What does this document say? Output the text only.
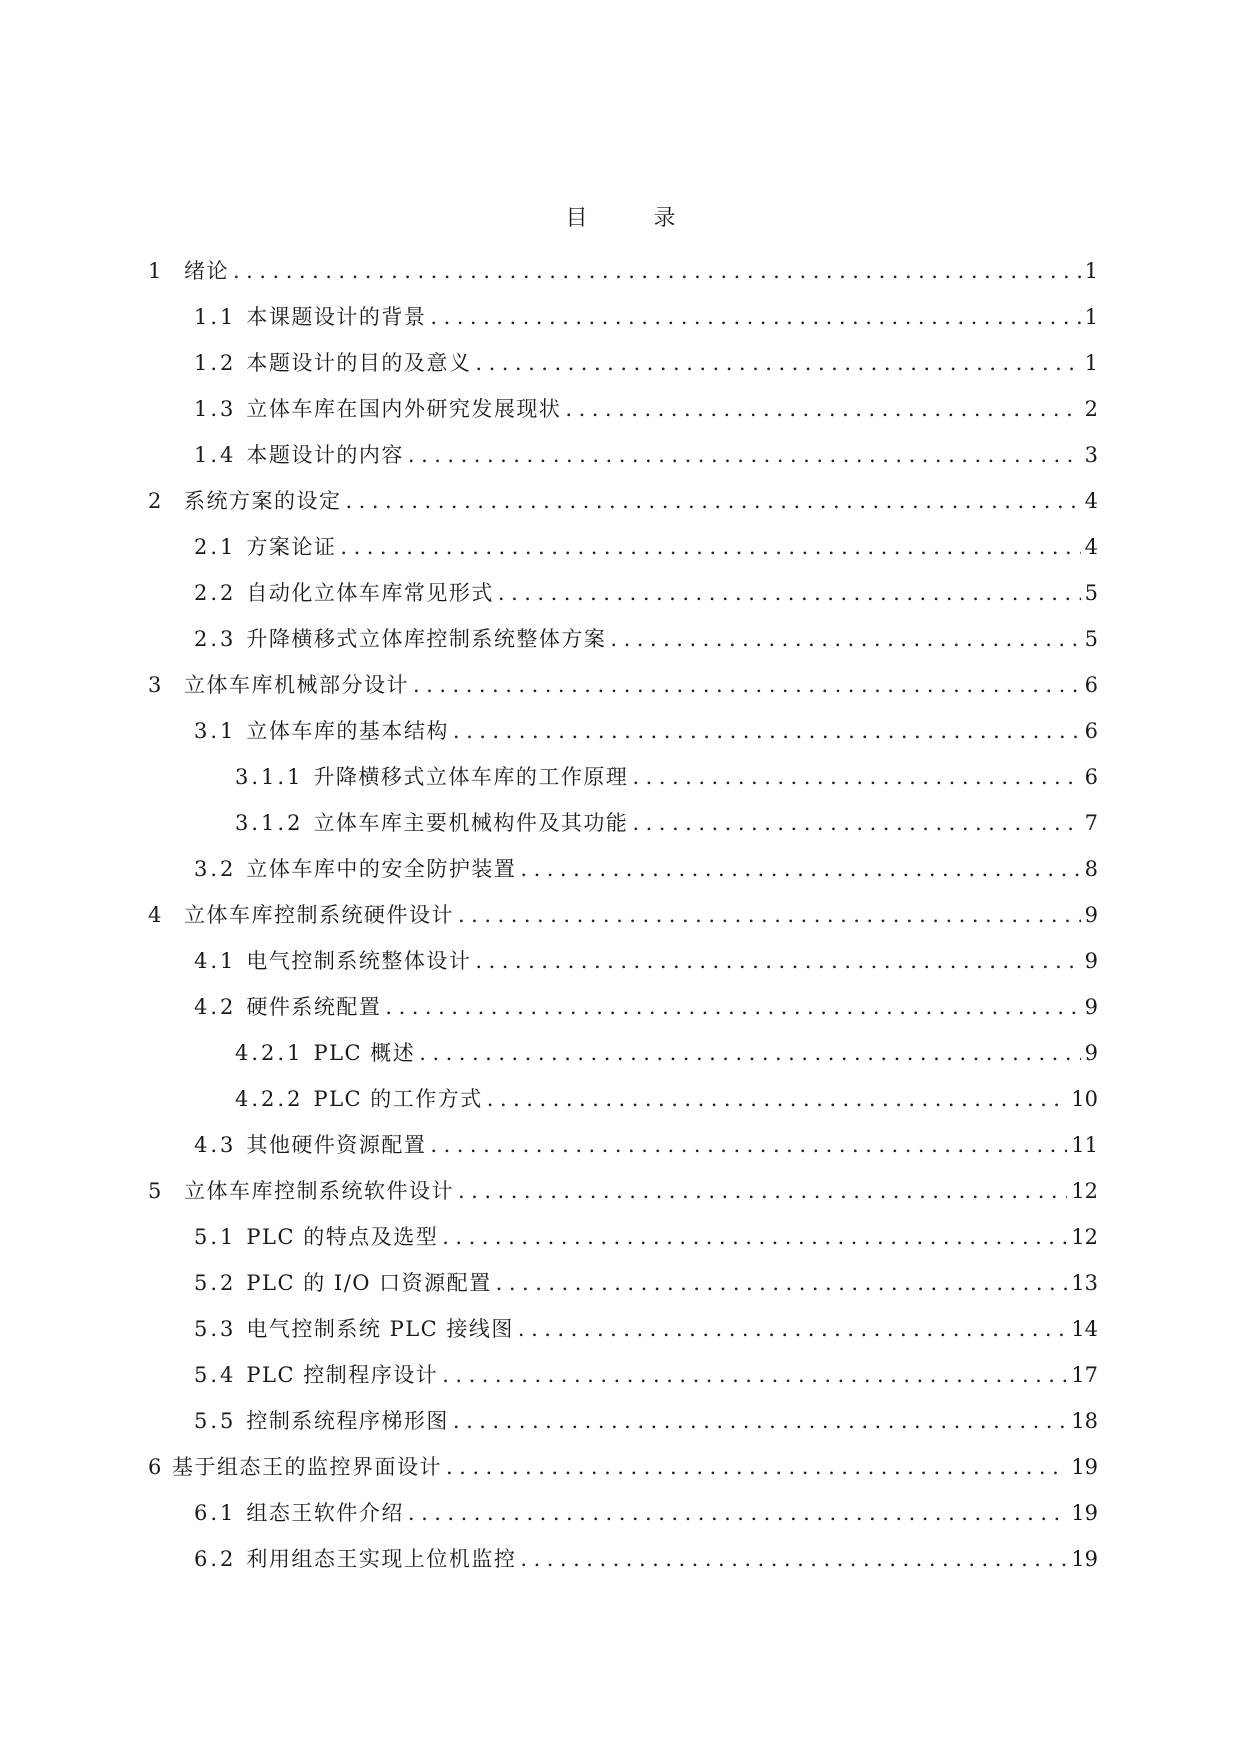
目　录
1	绪论 .....	1
1.1 本课题设计的背景 .....	1
1.2 本题设计的目的及意义 .....	1
1.3 立体车库在国内外研究发展现状 .....	2
1.4 本题设计的内容 .....	3
2	系统方案的设定 .....	4
2.1 方案论证 .....	4
2.2 自动化立体车库常见形式 .....	5
2.3 升降横移式立体库控制系统整体方案 .....	5
3	立体车库机械部分设计 .....	6
3.1 立体车库的基本结构 .....	6
3.1.1 升降横移式立体车库的工作原理 .....	6
3.1.2 立体车库主要机械构件及其功能 .....	7
3.2 立体车库中的安全防护装置 .....	8
4	立体车库控制系统硬件设计 .....	9
4.1 电气控制系统整体设计 .....	9
4.2 硬件系统配置 .....	9
4.2.1 PLC 概述 .....	9
4.2.2 PLC 的工作方式 .....	10
4.3 其他硬件资源配置 .....	11
5	立体车库控制系统软件设计 .....	12
5.1 PLC 的特点及选型 .....	12
5.2 PLC 的 I/O 口资源配置 .....	13
5.3 电气控制系统 PLC 接线图 .....	14
5.4 PLC 控制程序设计 .....	17
5.5 控制系统程序梯形图 .....	18
6 基于组态王的监控界面设计 .....	19
6.1 组态王软件介绍 .....	19
6.2 利用组态王实现上位机监控 .....	19
